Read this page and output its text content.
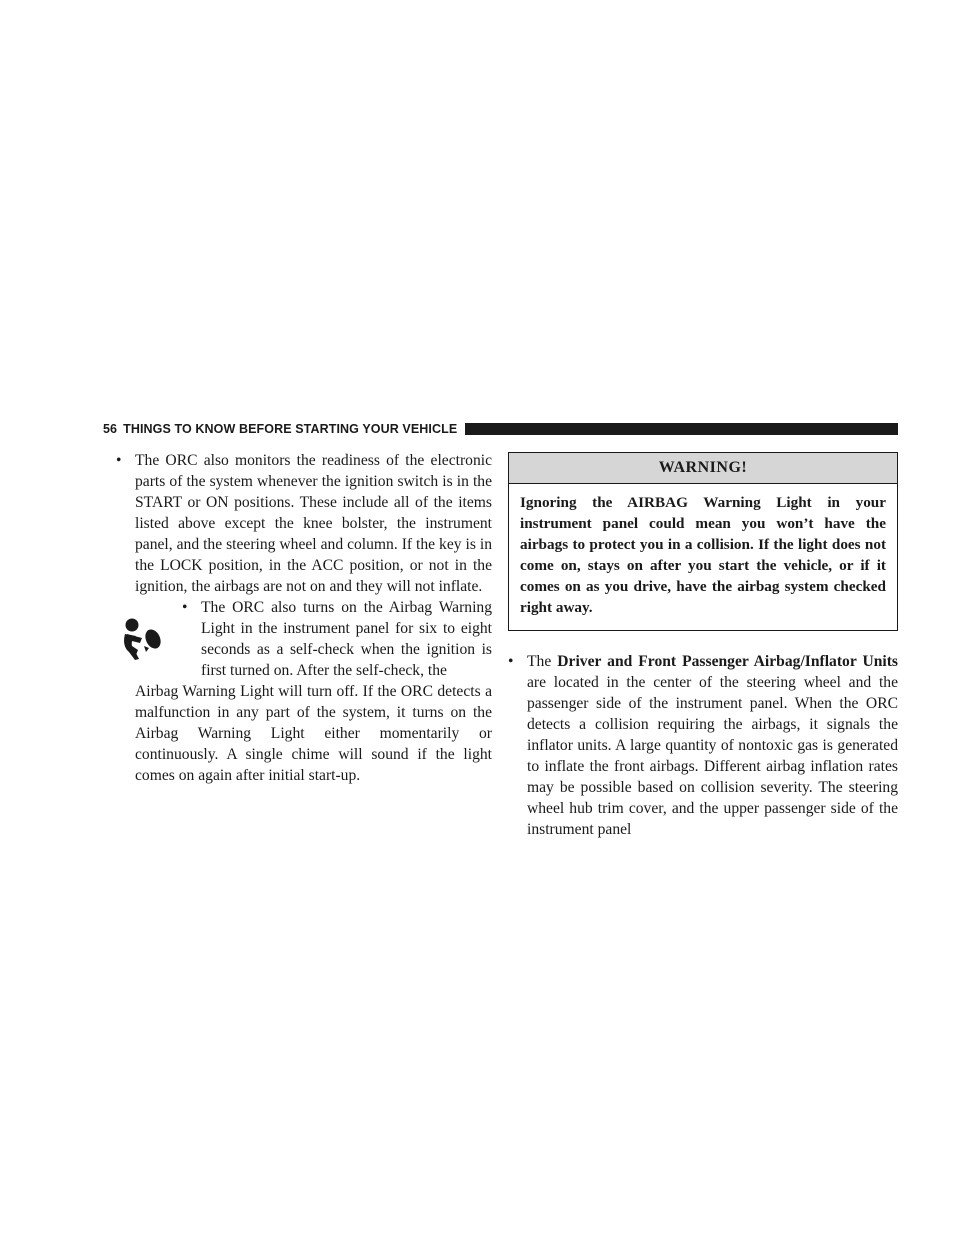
56 THINGS TO KNOW BEFORE STARTING YOUR VEHICLE
• The ORC also monitors the readiness of the electronic parts of the system whenever the ignition switch is in the START or ON positions. These include all of the items listed above except the knee bolster, the instrument panel, and the steering wheel and column. If the key is in the LOCK position, in the ACC position, or not in the ignition, the airbags are not on and they will not inflate.
• The ORC also turns on the Airbag Warning Light in the instrument panel for six to eight seconds as a self-check when the ignition is first turned on. After the self-check, the
Airbag Warning Light will turn off. If the ORC detects a malfunction in any part of the system, it turns on the Airbag Warning Light either momentarily or continuously. A single chime will sound if the light comes on again after initial start-up.
WARNING!
Ignoring the AIRBAG Warning Light in your instrument panel could mean you won’t have the airbags to protect you in a collision. If the light does not come on, stays on after you start the vehicle, or if it comes on as you drive, have the airbag system checked right away.
• The Driver and Front Passenger Airbag/Inflator Units are located in the center of the steering wheel and the passenger side of the instrument panel. When the ORC detects a collision requiring the airbags, it signals the inflator units. A large quantity of nontoxic gas is generated to inflate the front airbags. Different airbag inflation rates may be possible based on collision severity. The steering wheel hub trim cover, and the upper passenger side of the instrument panel
